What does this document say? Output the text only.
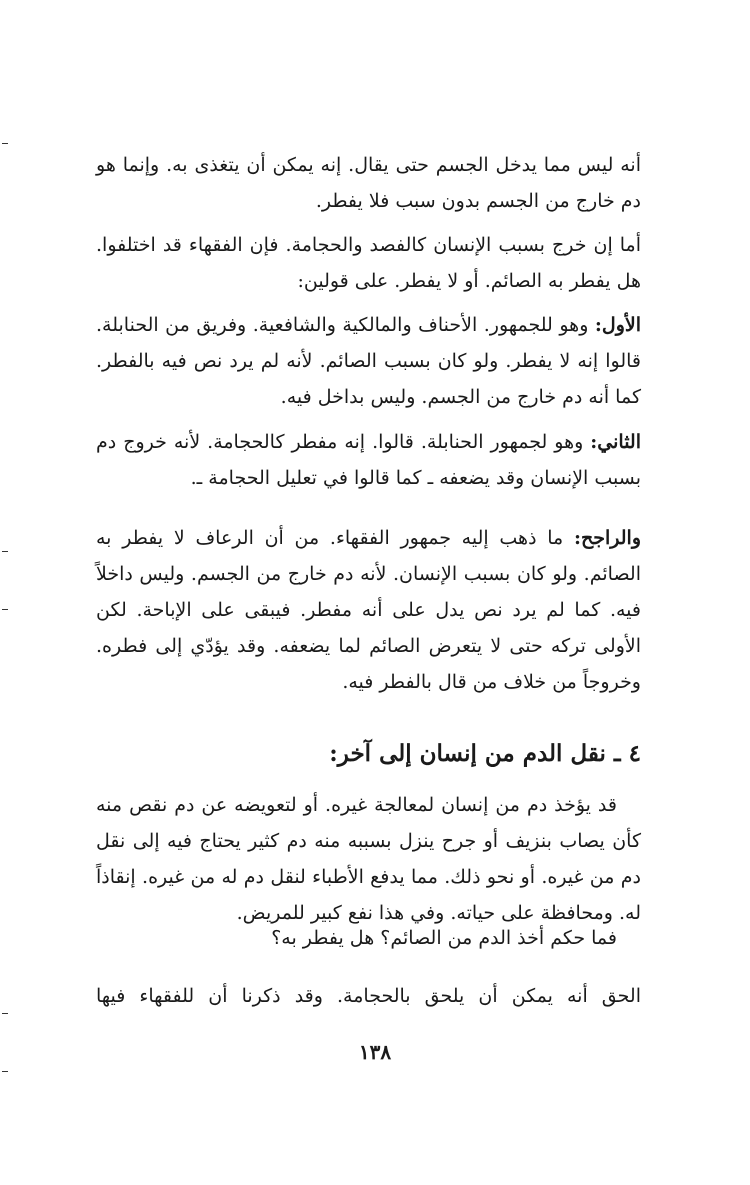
أنه ليس مما يدخل الجسم حتى يقال. إنه يمكن أن يتغذى به. وإنما هو دم خارج من الجسم بدون سبب فلا يفطر.
أما إن خرج بسبب الإنسان كالفصد والحجامة. فإن الفقهاء قد اختلفوا. هل يفطر به الصائم. أو لا يفطر. على قولين:
الأول: وهو للجمهور. الأحناف والمالكية والشافعية. وفريق من الحنابلة. قالوا إنه لا يفطر. ولو كان بسبب الصائم. لأنه لم يرد نص فيه بالفطر. كما أنه دم خارج من الجسم. وليس بداخل فيه.
الثاني: وهو لجمهور الحنابلة. قالوا. إنه مفطر كالحجامة. لأنه خروج دم بسبب الإنسان وقد يضعفه ـ كما قالوا في تعليل الحجامة ـ.
والراجح: ما ذهب إليه جمهور الفقهاء. من أن الرعاف لا يفطر به الصائم. ولو كان بسبب الإنسان. لأنه دم خارج من الجسم. وليس داخلاً فيه. كما لم يرد نص يدل على أنه مفطر. فيبقى على الإباحة. لكن الأولى تركه حتى لا يتعرض الصائم لما يضعفه. وقد يؤدّي إلى فطره. وخروجاً من خلاف من قال بالفطر فيه.
٤ ـ نقل الدم من إنسان إلى آخر:
قد يؤخذ دم من إنسان لمعالجة غيره. أو لتعويضه عن دم نقص منه كأن يصاب بنزيف أو جرح ينزل بسببه منه دم كثير يحتاج فيه إلى نقل دم من غيره. أو نحو ذلك. مما يدفع الأطباء لنقل دم له من غيره. إنقاذاً له. ومحافظة على حياته. وفي هذا نفع كبير للمريض.
فما حكم أخذ الدم من الصائم؟ هل يفطر به؟
الحق أنه يمكن أن يلحق بالحجامة. وقد ذكرنا أن للفقهاء فيها
١٣٨
